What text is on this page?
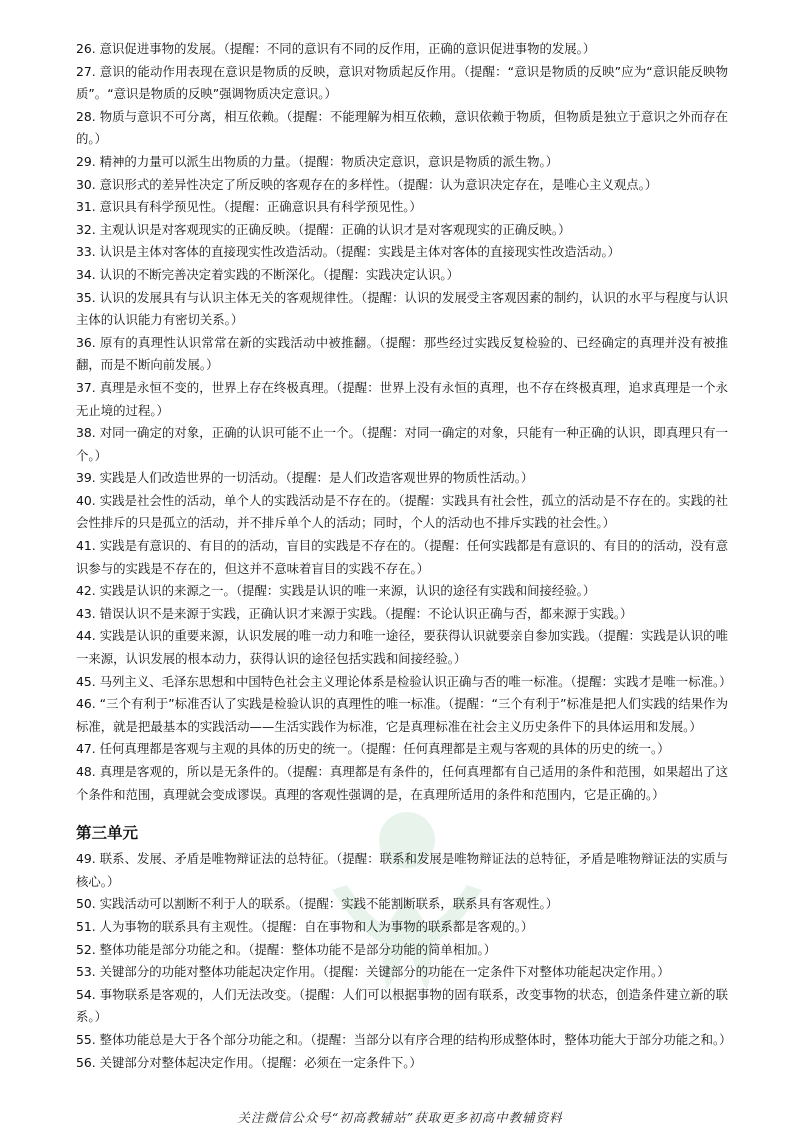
26. 意识促进事物的发展。（提醒：不同的意识有不同的反作用，正确的意识促进事物的发展。）

27. 意识的能动作用表现在意识是物质的反映，意识对物质起反作用。（提醒：“意识是物质的反映”应为“意识能反映物质”。“意识是物质的反映”强调物质决定意识。）

28. 物质与意识不可分离，相互依赖。（提醒：不能理解为相互依赖，意识依赖于物质，但物质是独立于意识之外而存在的。）

29. 精神的力量可以派生出物质的力量。（提醒：物质决定意识，意识是物质的派生物。）

30. 意识形式的差异性决定了所反映的客观存在的多样性。（提醒：认为意识决定存在，是唯心主义观点。）

31. 意识具有科学预见性。（提醒：正确意识具有科学预见性。）

32. 主观认识是对客观现实的正确反映。（提醒：正确的认识才是对客观现实的正确反映。）

33. 认识是主体对客体的直接现实性改造活动。（提醒：实践是主体对客体的直接现实性改造活动。）

34. 认识的不断完善决定着实践的不断深化。（提醒：实践决定认识。）

35. 认识的发展具有与认识主体无关的客观规律性。（提醒：认识的发展受主客观因素的制约，认识的水平与程度与认识主体的认识能力有密切关系。）

36. 原有的真理性认识常常在新的实践活动中被推翻。（提醒：那些经过实践反复检验的、已经确定的真理并没有被推翻，而是不断向前发展。）

37. 真理是永恒不变的，世界上存在终极真理。（提醒：世界上没有永恒的真理，也不存在终极真理，追求真理是一个永无止境的过程。）

38. 对同一确定的对象，正确的认识可能不止一个。（提醒：对同一确定的对象，只能有一种正确的认识，即真理只有一个。）

39. 实践是人们改造世界的一切活动。（提醒：是人们改造客观世界的物质性活动。）

40. 实践是社会性的活动，单个人的实践活动是不存在的。（提醒：实践具有社会性，孤立的活动是不存在的。实践的社会性排斥的只是孤立的活动，并不排斥单个人的活动；同时，个人的活动也不排斥实践的社会性。）

41. 实践是有意识的、有目的的活动，盲目的实践是不存在的。（提醒：任何实践都是有意识的、有目的的活动，没有意识参与的实践是不存在的，但这并不意味着盲目的实践不存在。）

42. 实践是认识的来源之一。（提醒：实践是认识的唯一来源，认识的途径有实践和间接经验。）

43. 错误认识不是来源于实践，正确认识才来源于实践。（提醒：不论认识正确与否，都来源于实践。）

44. 实践是认识的重要来源，认识发展的唯一动力和唯一途径，要获得认识就要亲自参加实践。（提醒：实践是认识的唯一来源，认识发展的根本动力，获得认识的途径包括实践和间接经验。）

45. 马列主义、毛泽东思想和中国特色社会主义理论体系是检验认识正确与否的唯一标准。（提醒：实践才是唯一标准。）

46. “三个有利于”标准否认了实践是检验认识的真理性的唯一标准。（提醒：“三个有利于”标准是把人们实践的结果作为标准，就是把最基本的实践活动——生活实践作为标准，它是真理标准在社会主义历史条件下的具体运用和发展。）

47. 任何真理都是客观与主观的具体的历史的统一。（提醒：任何真理都是主观与客观的具体的历史的统一。）

48. 真理是客观的，所以是无条件的。（提醒：真理都是有条件的，任何真理都有自己适用的条件和范围，如果超出了这个条件和范围，真理就会变成谬误。真理的客观性强调的是，在真理所适用的条件和范围内，它是正确的。）

第三单元

49. 联系、发展、矛盾是唯物辩证法的总特征。（提醒：联系和发展是唯物辩证法的总特征，矛盾是唯物辩证法的实质与核心。）

50. 实践活动可以割断不利于人的联系。（提醒：实践不能割断联系，联系具有客观性。）

51. 人为事物的联系具有主观性。（提醒：自在事物和人为事物的联系都是客观的。）

52. 整体功能是部分功能之和。（提醒：整体功能不是部分功能的简单相加。）

53. 关键部分的功能对整体功能起决定作用。（提醒：关键部分的功能在一定条件下对整体功能起决定作用。）

54. 事物联系是客观的，人们无法改变。（提醒：人们可以根据事物的固有联系，改变事物的状态，创造条件建立新的联系。）

55. 整体功能总是大于各个部分功能之和。（提醒：当部分以有序合理的结构形成整体时，整体功能大于部分功能之和。）

56. 关键部分对整体起决定作用。（提醒：必须在一定条件下。）

关注微信公众号“初高教辅站”获取更多初高中教辅资料
